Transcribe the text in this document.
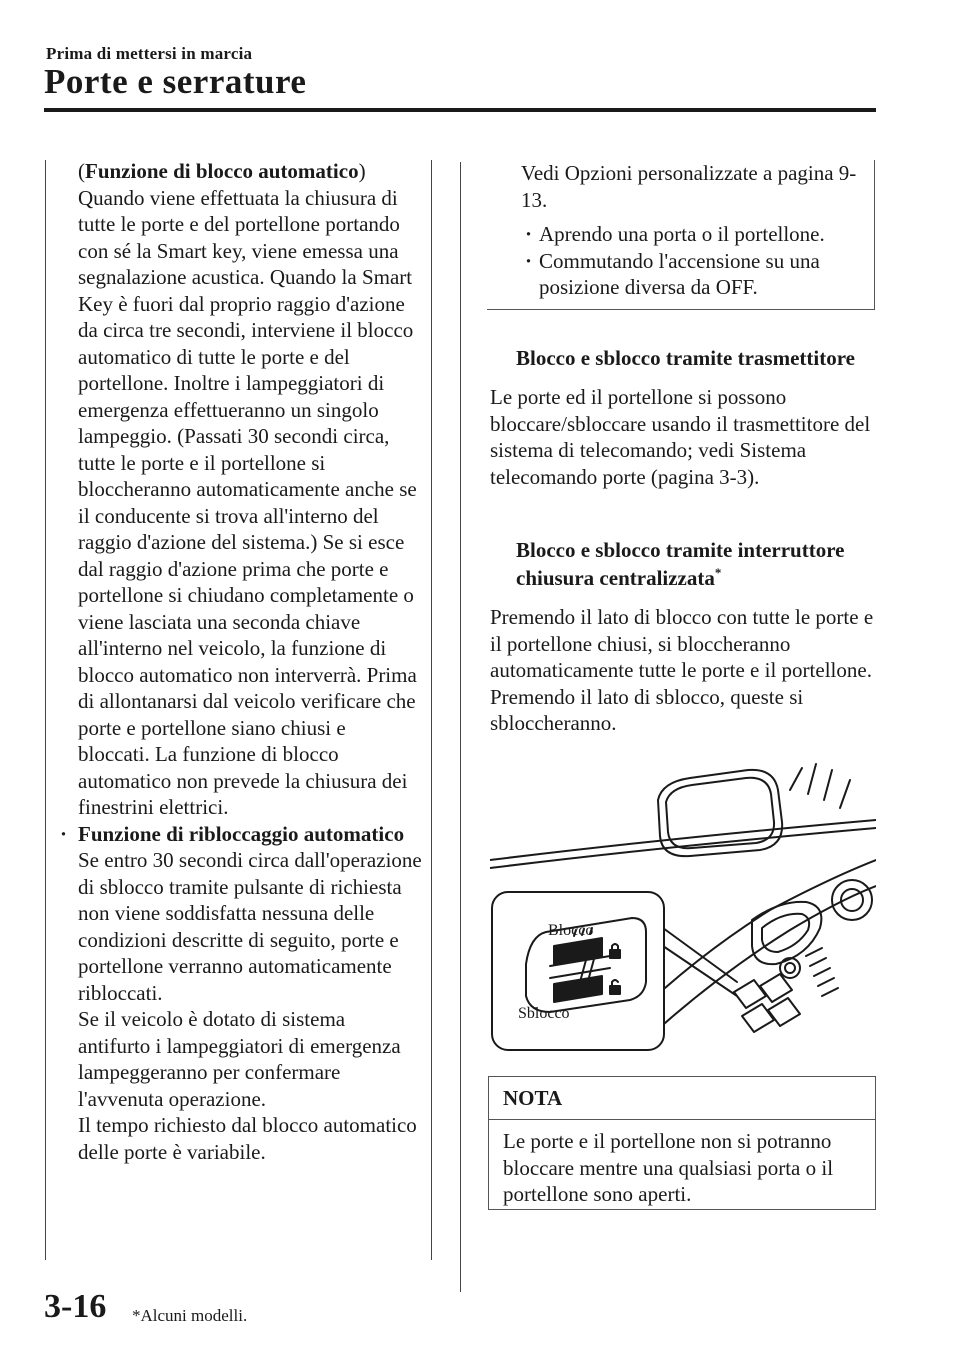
Prima di mettersi in marcia
Porte e serrature

(Funzione di blocco automatico)

Quando viene effettuata la chiusura di tutte le porte e del portellone portando con sé la Smart key, viene emessa una segnalazione acustica. Quando la Smart Key è fuori dal proprio raggio d'azione da circa tre secondi, interviene il blocco automatico di tutte le porte e del portellone. Inoltre i lampeggiatori di emergenza effettueranno un singolo lampeggio. (Passati 30 secondi circa, tutte le porte e il portellone si bloccheranno automaticamente anche se il conducente si trova all'interno del raggio d'azione del sistema.) Se si esce dal raggio d'azione prima che porte e portellone si chiudano completamente o viene lasciata una seconda chiave all'interno nel veicolo, la funzione di blocco automatico non interverrà. Prima di allontanarsi dal veicolo verificare che porte e portellone siano chiusi e bloccati. La funzione di blocco automatico non prevede la chiusura dei finestrini elettrici.

· Funzione di ribloccaggio automatico
Se entro 30 secondi circa dall'operazione di sblocco tramite pulsante di richiesta non viene soddisfatta nessuna delle condizioni descritte di seguito, porte e portellone verranno automaticamente ribloccati.
Se il veicolo è dotato di sistema antifurto i lampeggiatori di emergenza lampeggeranno per confermare l'avvenuta operazione.
Il tempo richiesto dal blocco automatico delle porte è variabile.
Vedi Opzioni personalizzate a pagina 9-13.
· Aprendo una porta o il portellone.
· Commutando l'accensione su una posizione diversa da OFF.
Blocco e sblocco tramite trasmettitore
Le porte ed il portellone si possono bloccare/sbloccare usando il trasmettitore del sistema di telecomando; vedi Sistema telecomando porte (pagina 3-3).
Blocco e sblocco tramite interruttore chiusura centralizzata*
Premendo il lato di blocco con tutte le porte e il portellone chiusi, si bloccheranno automaticamente tutte le porte e il portellone.
Premendo il lato di sblocco, queste si sbloccheranno.
Blocco
Sblocco
NOTA
Le porte e il portellone non si potranno bloccare mentre una qualsiasi porta o il portellone sono aperti.
3-16 *Alcuni modelli.
